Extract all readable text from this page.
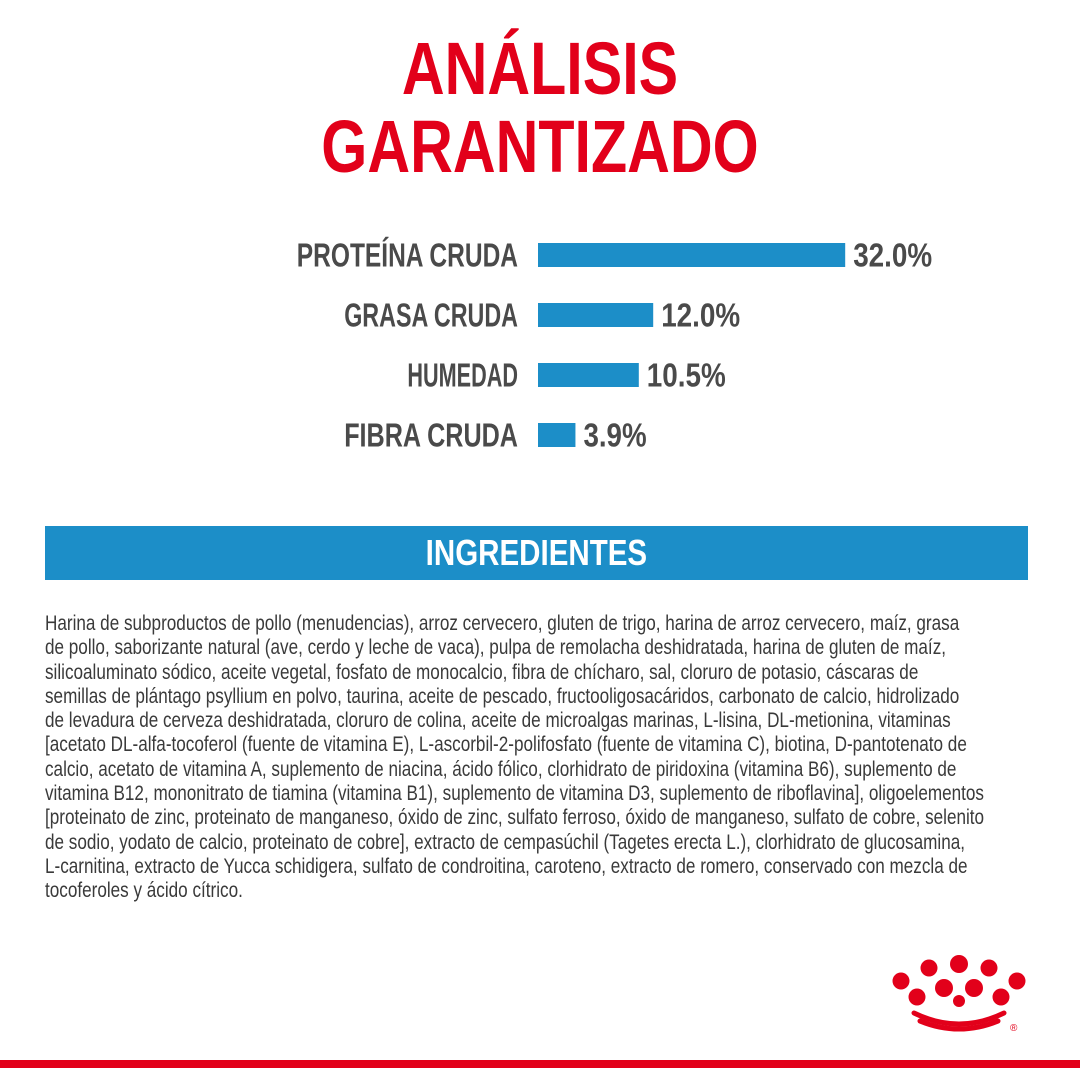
ANÁLISIS
GARANTIZADO
PROTEÍNA CRUDA	32.0%
GRASA CRUDA	12.0%
HUMEDAD	10.5%
FIBRA CRUDA 3.9%
INGREDIENTES
Harina de subproductos de pollo (menudencias), arroz cervecero, gluten de trigo, harina de arroz cervecero, maíz, grasa
de pollo, saborizante natural (ave, cerdo y leche de vaca), pulpa de remolacha deshidratada, harina de gluten de maíz,
silicoaluminato sódico, aceite vegetal, fosfato de monocalcio, fibra de chícharo, sal, cloruro de potasio, cáscaras de
semillas de plántago psyllium en polvo, taurina, aceite de pescado, fructooligosacáridos, carbonato de calcio, hidrolizado
de levadura de cerveza deshidratada, cloruro de colina, aceite de microalgas marinas, L-lisina, DL-metionina, vitaminas
[acetato DL-alfa-tocoferol (fuente de vitamina E), L-ascorbil-2-polifosfato (fuente de vitamina C), biotina, D-pantotenato de
calcio, acetato de vitamina A, suplemento de niacina, ácido fólico, clorhidrato de piridoxina (vitamina B6), suplemento de
vitamina B12, mononitrato de tiamina (vitamina B1), suplemento de vitamina D3, suplemento de riboflavina], oligoelementos
[proteinato de zinc, proteinato de manganeso, óxido de zinc, sulfato ferroso, óxido de manganeso, sulfato de cobre, selenito
de sodio, yodato de calcio, proteinato de cobre], extracto de cempasúchil (Tagetes erecta L.), clorhidrato de glucosamina,
L-carnitina, extracto de Yucca schidigera, sulfato de condroitina, caroteno, extracto de romero, conservado con mezcla de
tocoferoles y ácido cítrico.
®
